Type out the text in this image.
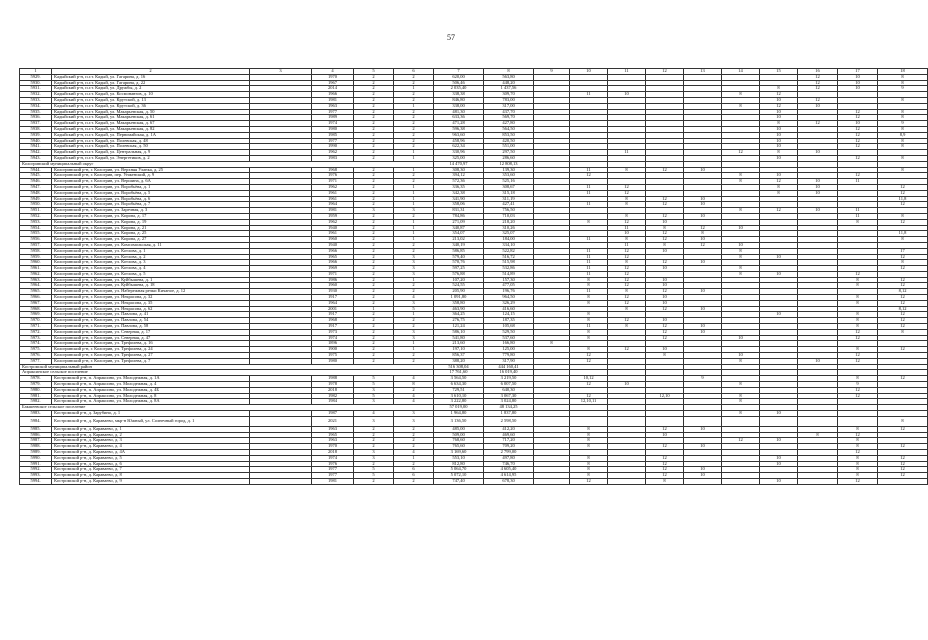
57
1	2	3	4	5	6	7	8	9	10	11	12	13	14	15	16	17	18	
5929.	Кадыйский р-н, п.г.т. Кадый, ул. Гагарина, д. 16		1970	2	2	620,00	563,80								12	10	8	
5930.	Кадыйский р-н, п.г.т. Кадый, ул. Гагарина, д. 22		1967	2	2	506,46	448,20								12	10	8	
5931.	Кадыйский р-н, п.г.т. Кадый, ул. Дружбы, д. 2		2014	2	1	2 035,40	1 437,56							8	12	10	9	
5932.	Кадыйский р-н, п.г.т. Кадый, ул. Космонавтов, д. 10		1966	2	2	338,38	309,70		11	10			8	12				
5933.	Кадыйский р-н, п.г.т. Кадый, ул. Крутской, д. 13		1981	2	2	846,80	783,00							10	12		8	
5934.	Кадыйский р-н, п.г.т. Кадый, ул. Крутской, д. 36		1963	2	1	338,00	317,00						8	12	10			
5935.	Кадыйский р-н, п.г.т. Кадый, ул. Макарьевская, д. 50		1977	2	2	481,30	437,70							10		12	8	
5936.	Кадыйский р-н, п.г.т. Кадый, ул. Макарьевская, д. 61		1989	2	2	633,36	569,70							10		12	8	
5937.	Кадыйский р-н, п.г.т. Кадый, ул. Макарьевская, д. 67		1974	2	2	471,28	427,80							8	12	10	9	
5938.	Кадыйский р-н, п.г.т. Кадый, ул. Макарьевская, д. 82		1980	2	2	596,38	564,50							10		12	8	
5939.	Кадыйский р-н, п.г.т. Кадый, ул. Первомайская, д. 1А		1985	2	2	963,60	853,50							10		12	8,9	
5940.	Кадыйский р-н, п.г.т. Кадый, ул. Полевская, д. 48		1977	2	2	458,96	420,50							10		12	8	
5941.	Кадыйский р-н, п.г.т. Кадый, ул. Полевская, д. 50		1990	2	2	622,34	551,00							10		12	8	
5942.	Кадыйский р-н, п.г.т. Кадый, ул. Центральная, д. 9		1962	2	1	330,96	297,50			11			12	8	10			
5943.	Кадыйский р-н, п.г.т. Кадый, ул. Энергетиков, д. 2		1983	2	1	325,00	286,60							10		12	8	
Кологривский муниципальный округ						14 470,97	12 808,13											
5944.	Кологривский р-н, г. Кологрив, ул. Верхняя Уланка, д. 25		1968	2	1	308,30	139,30		11	8	12	10					8	
5945.	Кологривский р-н, г. Кологрив, пер. Унженский, д. 9		1976	2	2	394,12	353,60		12				8	10		12		
5946.	Кологривский р-н, г. Кологрив, ул. Вершина, д. 6А		1971	2	2	572,36	525,16						8	12	10	11		
5947.	Кологривский р-н, г. Кологрив, ул. Воробьёва, д. 1		1962	2	1	336,35	308,67		11	12				8	10		12	
5948.	Кологривский р-н, г. Кологрив, ул. Воробьёва, д. 5		1961	2	1	342,38	315,18		11	12				8	10		12	
5949.	Кологривский р-н, г. Кологрив, ул. Воробьёва, д. 6		1961	2	1	341,90	311,19			8	12	10					11,8	
5950.	Кологривский р-н, г. Кологрив, ул. Воробьёва, д. 7		1964	2	1	358,06	427,41		11	8	12	10					12	
5951.	Кологривский р-н, г. Кологрив, ул. Заречная, д. 3		1981	3	3	831,31	756,50						8	12	10	11		
5952.	Кологривский р-н, г. Кологрив, ул. Кирова, д. 17		1959	2	2	784,86	710,03			8	12	10				11	8	
5953.	Кологривский р-н, г. Кологрив, ул. Кирова, д. 19		1962	2	1	271,09	218,20		8	12	10					8	12	
5954.	Кологривский р-н, г. Кологрив, ул. Кирова, д. 21		1940	2	1	340,87	310,26			11	8	12	10					
5955.	Кологривский р-н, г. Кологрив, ул. Кирова, д. 25		1961	2	1	354,07	325,07			10	12	8					11,8	
5956.	Кологривский р-н, г. Кологрив, ул. Кирова, д. 27		1960	2	1	213,02	184,00		11	8	12	10					8	
5957.	Кологривский р-н, г. Кологрив, ул. Комсомольская, д. 11		1940	2	2	340,19	334,10			11	8	12	10					
5958.	Кологривский р-н, г. Кологрив, ул. Котлова, д. 1		1966	2	2	586,85	522,82		11	12	10		8				17	
5959.	Кологривский р-н, г. Кологрив, ул. Котлова, д. 2		1965	2	3	579,40	516,72		11	12			8	10			12	
5960.	Кологривский р-н, г. Кологрив, ул. Котлова, д. 3		1966	2	3	570,76	515,98		11	8	12	10					8	
5961.	Кологривский р-н, г. Кологрив, ул. Котлова, д. 4		1969	2	3	597,25	532,86		11	12	10		8				12	
5962.	Кологривский р-н, г. Кологрив, ул. Котлова, д. 5		1971	2	3	576,88	514,89		11	12			8	10		12		
5963.	Кологривский р-н, г. Кологрив, ул. Куйбышева, д. 1		1986	2	1	107,20	157,30		8	12	10					8	12	
5964.	Кологривский р-н, г. Кологрив, ул. Куйбышева, д. 18		1960	2	2	524,55	477,05		8	12	10					8	12	
5965.	Кологривский р-н, г. Кологрив, ул. Набережная речки Кичаное, д. 12		1930	2	2	205,90	196,76		11	8	12	10					8,12	
5966.	Кологривский р-н, г. Кологрив, ул. Некрасова, д. 32		1917	2	4	1 091,80	964,50		8	12	10					8	12	
5967.	Кологривский р-н, г. Кологрив, ул. Некрасова, д. 35		1964	2	3	358,80	326,29		8	12	10					8	12	
5968.	Кологривский р-н, г. Кологрив, ул. Некрасова, д. 62		2001	1	5	463,90	416,60			8	12	10					8,12	
5969.	Кологривский р-н, г. Кологрив, ул. Павлова, д. 41		1917	2	1	364,25	124,15		8					10		8	12	
5970.	Кологривский р-н, г. Кологрив, ул. Павлова, д. 54		1968	2	2	276,75	187,35		8	12	10					8	12	
5971.	Кологривский р-н, г. Кологрив, ул. Павлова, д. 58		1917	2	2	121,24	105,68		11	8	12	10				8	12	
5972.	Кологривский р-н, г. Кологрив, ул. Северная, д. 17		1973	2	3	586,10	529,50		8		12	10				12	8	
5973.	Кологривский р-н, г. Кологрив, ул. Северная, д. 47		1974	2	3	541,80	537,60		8		12		10			12		
5974.	Кологривский р-н, г. Кологрив, ул. Трефолева, д. 16		1896	2	1	213,60	166,80	8										
5975.	Кологривский р-н, г. Кологрив, ул. Трефолева, д. 24		1900	2	1	197,10	125,00		8	12	10					8	12	
5976.	Кологривский р-н, г. Кологрив, ул. Трефолева, д. 27		1975	2	2	856,37	779,80		12		8		10			12		
5977.	Кологривский р-н, г. Кологрив, ул. Трефолева, д. 7		1980	2	2	388,20	317,90		12				8		10	12		
Костромской муниципальный район						516 308,04	444 160,41											
Апраксинское сельское поселение						17 761,60	16 019,40											
5978.	Костромской р-н, п. Апраксино, ул. Молодежная, д. 1А		1988	5	4	3 564,50	3 219,50		10,12			9				8	12	
5979.	Костромской р-н, п. Апраксино, ул. Молодежная, д. 4		1978	5	8	6 634,30	6 007,50		12	10			8			9		
5980.	Костромской р-н, п. Апраксино, ул. Молодежная, д. 4Б		2018	3	2	729,51	640,30									12		
5981.	Костромской р-н, п. Апраксино, ул. Молодежная, д. 8		1982	5	4	3 610,10	3 067,30		12		12,10		8			12		
5982.	Костромской р-н, п. Апраксино, ул. Молодежная, д. 8А		1984	3	4	3 222,80	3 024,80		12,10,11				8					
Бакшеевское сельское поселение						57 019,00	48 134,25											
5983.	Костромской р-н, д. Зарубино, д. 1		1987	4	3	1 964,80	1 837,80						8	10				
5984.	Костромской р-н, д. Караваево, мкр-н Южный, ул. Солнечный город, д. 1		2021	3	3	3 136,50	2 598,50										8	
5985.	Костромской р-н, д. Караваево, д. 1		1963	2	2	485,00	412,20		8		12	10				8	12	
5986.	Костромской р-н, д. Караваево, д. 2		1965	2	2	509,00	469,60		8		10				8	12		
5987.	Костромской р-н, д. Караваево, д. 3		1963	2	2	768,60	717,20		8				12	10		8		
5988.	Костромской р-н, д. Караваево, д. 4		1970	2	2	765,60	709,20		8		12	10				8	12	
5989.	Костромской р-н, д. Караваево, д. 4А		2018	3	4	3 169,60	2 799,00									12		
5990.	Костромской р-н, д. Караваево, д. 5		1974	3	1	553,10	497,80		8		12			10		8	12	
5991.	Костромской р-н, д. Караваево, д. 6		1976	2	2	812,80	746,70		8		12			10		8	12	
5992.	Костромской р-н, д. Караваево, д. 7		1977	5	6	5 064,70	4 605,40		8		12	10				8	12	
5993.	Костромской р-н, д. Караваево, д. 8		1977	5	6	5 072,10	4 614,95		8		12	10				8	12	
5994.	Костромской р-н, д. Караваево, д. 9		1981	2	2	747,40	678,30		12		8			10		12		
